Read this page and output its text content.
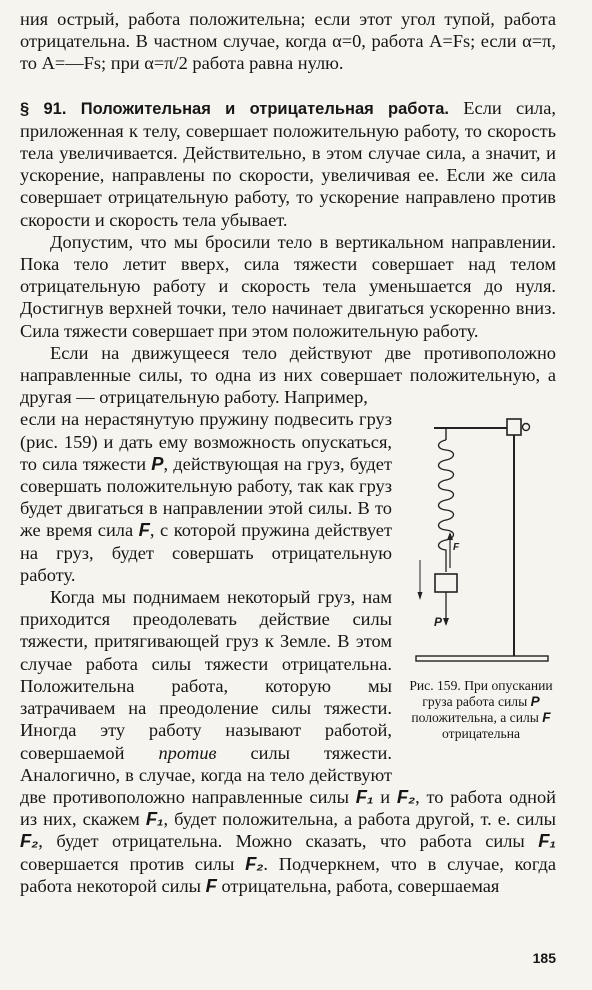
ния острый, работа положительна; если этот угол тупой, работа отрицательна. В частном случае, когда α=0, работа A=Fs; если α=π, то A=—Fs; при α=π/2 работа равна нулю.

§ 91. Положительная и отрицательная работа. Если сила, приложенная к телу, совершает положительную работу, то скорость тела увеличивается. Действительно, в этом случае сила, а значит, и ускорение, направлены по скорости, увеличивая ее. Если же сила совершает отрицательную работу, то ускорение направлено против скорости и скорость тела убывает.

Допустим, что мы бросили тело в вертикальном направлении. Пока тело летит вверх, сила тяжести совершает над телом отрицательную работу и скорость тела уменьшается до нуля. Достигнув верхней точки, тело начинает двигаться ускоренно вниз. Сила тяжести совершает при этом положительную работу.

Если на движущееся тело действуют две противоположно направленные силы, то одна из них совершает положительную, а другая — отрицательную работу. Например,

F
P
Рис. 159. При опускании груза работа силы P положительна, а силы F отрицательна

если на нерастянутую пружину подвесить груз (рис. 159) и дать ему возможность опускаться, то сила тяжести P, действующая на груз, будет совершать положительную работу, так как груз будет двигаться в направлении этой силы. В то же время сила F, с которой пружина действует на груз, будет совершать отрицательную работу.

Когда мы поднимаем некоторый груз, нам приходится преодолевать действие силы тяжести, притягивающей груз к Земле. В этом случае работа силы тяжести отрицательна. Положительна работа, которую мы затрачиваем на преодоление силы тяжести. Иногда эту работу называют работой, совершаемой против силы тяжести. Аналогично, в случае, когда на тело действуют две противоположно направленные силы F₁ и F₂, то работа одной из них, скажем F₁, будет положительна, а работа другой, т. е. силы F₂, будет отрицательна. Можно сказать, что работа силы F₁ совершается против силы F₂. Подчеркнем, что в случае, когда работа некоторой силы F отрицательна, работа, совершаемая

185
